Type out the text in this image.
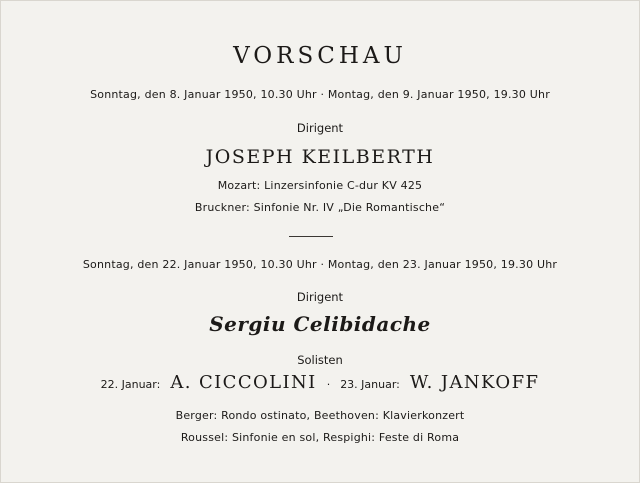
VORSCHAU
Sonntag, den 8. Januar 1950, 10.30 Uhr · Montag, den 9. Januar 1950, 19.30 Uhr
Dirigent
JOSEPH KEILBERTH
Mozart: Linzersinfonie C-dur KV 425
Bruckner: Sinfonie Nr. IV „Die Romantische“
Sonntag, den 22. Januar 1950, 10.30 Uhr · Montag, den 23. Januar 1950, 19.30 Uhr
Dirigent
Sergiu Celibidache
Solisten
22. Januar: A. CICCOLINI · 23. Januar: W. JANKOFF
Berger: Rondo ostinato, Beethoven: Klavierkonzert
Roussel: Sinfonie en sol, Respighi: Feste di Roma
